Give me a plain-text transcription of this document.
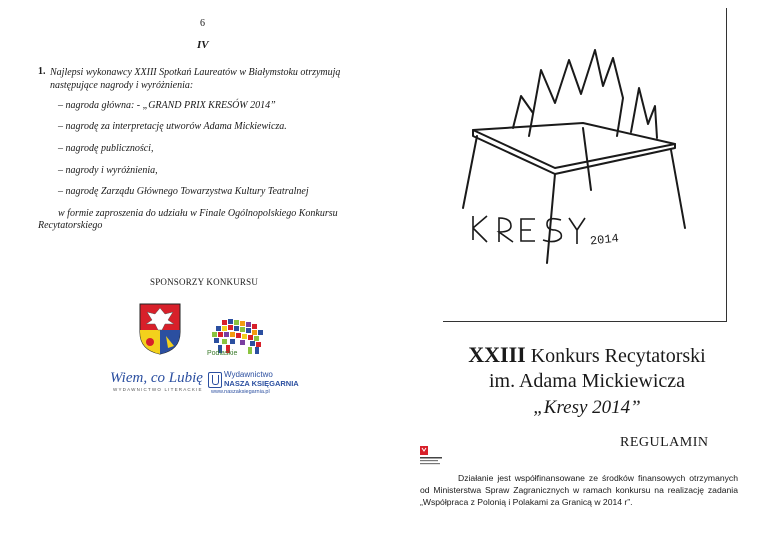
6
IV
1. Najlepsi wykonawcy XXIII Spotkań Laureatów w Białymstoku otrzymują następujące nagrody i wyróżnienia:
– nagroda główna: - „GRAND PRIX KRESÓW 2014”
– nagrodę za interpretację utworów Adama Mickiewicza.
– nagrodę publiczności,
– nagrody i wyróżnienia,
– nagrodę Zarządu Głównego Towarzystwa Kultury Teatralnej
w formie zaproszenia do udziału w Finale Ogólnopolskiego Konkursu
Recytatorskiego
SPONSORZY KONKURSU
Podlaskie
Wiem, co Lubię
WYDAWNICTWO LITERACKIE
Wydawnictwo
NASZA KSIĘGARNIA
www.naszaksiegarnia.pl
2014
XXIII Konkurs Recytatorski
im. Adama Mickiewicza
„Kresy 2014”
REGULAMIN
Działanie jest współfinansowane ze środków finansowych otrzymanych od Ministerstwa Spraw Zagranicznych w ramach konkursu na realizację zadania „Współpraca z Polonią i Polakami za Granicą w 2014 r”.
